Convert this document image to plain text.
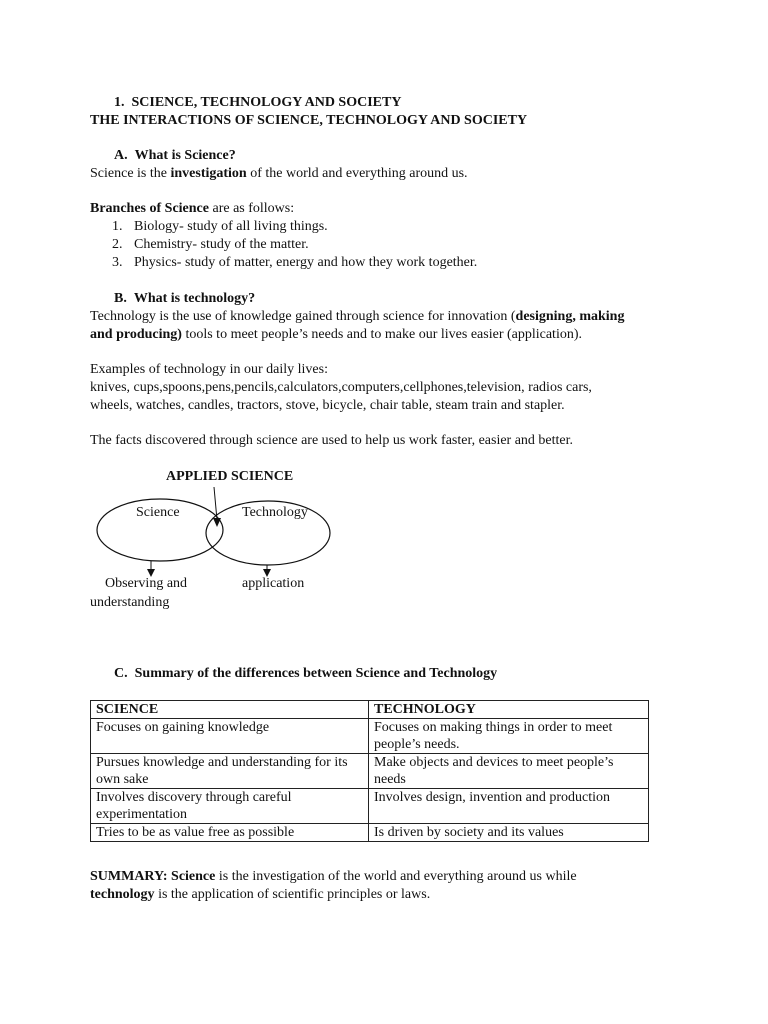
1. SCIENCE, TECHNOLOGY AND SOCIETY
THE INTERACTIONS OF SCIENCE, TECHNOLOGY AND SOCIETY
A. What is Science?
Science is the investigation of the world and everything around us.
Branches of Science are as follows:
1. Biology- study of all living things.
2. Chemistry- study of the matter.
3. Physics- study of matter, energy and how they work together.
B. What is technology?
Technology is the use of knowledge gained through science for innovation (designing, making
and producing) tools to meet people’s needs and to make our lives easier (application).
Examples of technology in our daily lives:
knives, cups,spoons,pens,pencils,calculators,computers,cellphones,television, radios cars,
wheels, watches, candles, tractors, stove, bicycle, chair table, steam train and stapler.
The facts discovered through science are used to help us work faster, easier and better.
APPLIED SCIENCE
Science	Technology
Observing and
understanding
application
C. Summary of the differences between Science and Technology
SCIENCE	TECHNOLOGY
Focuses on gaining knowledge	Focuses on making things in order to meet people’s needs.
Pursues knowledge and understanding for its own sake	Make objects and devices to meet people’s needs
Involves discovery through careful experimentation	Involves design, invention and production
Tries to be as value free as possible	Is driven by society and its values
SUMMARY: Science is the investigation of the world and everything around us while
technology is the application of scientific principles or laws.
